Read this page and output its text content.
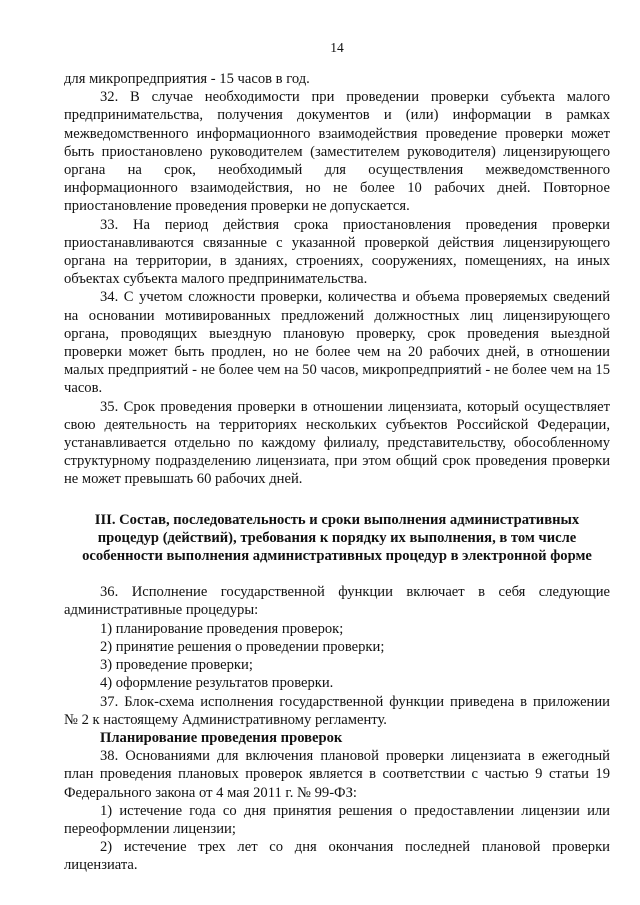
14

для микропредприятия - 15 часов в год.

32. В случае необходимости при проведении проверки субъекта малого предпринимательства, получения документов и (или) информации в рамках межведомственного информационного взаимодействия проведение проверки может быть приостановлено руководителем (заместителем руководителя) лицензирующего органа на срок, необходимый для осуществления межведомственного информационного взаимодействия, но не более 10 рабочих дней. Повторное приостановление проведения проверки не допускается.

33. На период действия срока приостановления проведения проверки приостанавливаются связанные с указанной проверкой действия лицензирующего органа на территории, в зданиях, строениях, сооружениях, помещениях, на иных объектах субъекта малого предпринимательства.

34. С учетом сложности проверки, количества и объема проверяемых сведений на основании мотивированных предложений должностных лиц лицензирующего органа, проводящих выездную плановую проверку, срок проведения выездной проверки может быть продлен, но не более чем на 20 рабочих дней, в отношении малых предприятий - не более чем на 50 часов, микропредприятий - не более чем на 15 часов.

35. Срок проведения проверки в отношении лицензиата, который осуществляет свою деятельность на территориях нескольких субъектов Российской Федерации, устанавливается отдельно по каждому филиалу, представительству, обособленному структурному подразделению лицензиата, при этом общий срок проведения проверки не может превышать 60 рабочих дней.

III. Состав, последовательность и сроки выполнения административных процедур (действий), требования к порядку их выполнения, в том числе особенности выполнения административных процедур в электронной форме

36. Исполнение государственной функции включает в себя следующие административные процедуры:

1) планирование проведения проверок;

2) принятие решения о проведении проверки;

3) проведение проверки;

4) оформление результатов проверки.

37. Блок-схема исполнения государственной функции приведена в приложении № 2 к настоящему Административному регламенту.

Планирование проведения проверок

38. Основаниями для включения плановой проверки лицензиата в ежегодный план проведения плановых проверок является в соответствии с частью 9 статьи 19 Федерального закона от 4 мая 2011 г. № 99-ФЗ:

1) истечение года со дня принятия решения о предоставлении лицензии или переоформлении лицензии;

2) истечение трех лет со дня окончания последней плановой проверки лицензиата.
